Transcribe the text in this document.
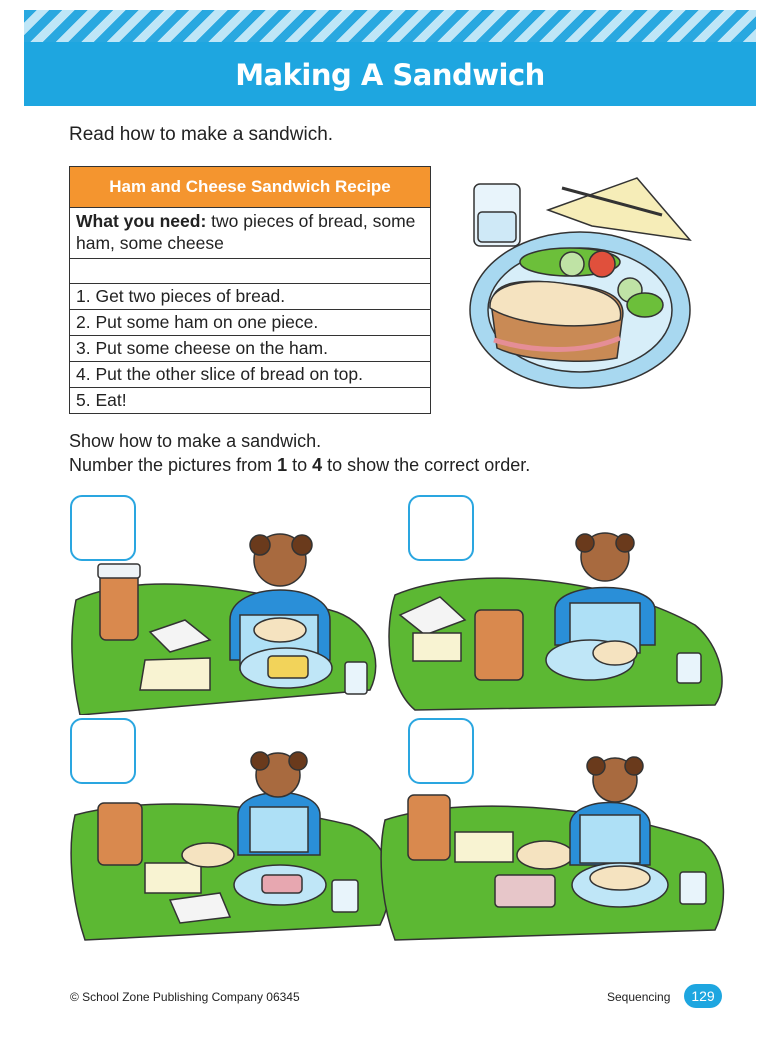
Making A Sandwich
Read how to make a sandwich.
Ham and Cheese Sandwich Recipe
What you need: two pieces of bread, some ham, some cheese
1. Get two pieces of bread.
2. Put some ham on one piece.
3. Put some cheese on the ham.
4. Put the other slice of bread on top.
5. Eat!
Show how to make a sandwich.
Number the pictures from 1 to 4 to show the correct order.
© School Zone Publishing Company 06345	Sequencing	129
